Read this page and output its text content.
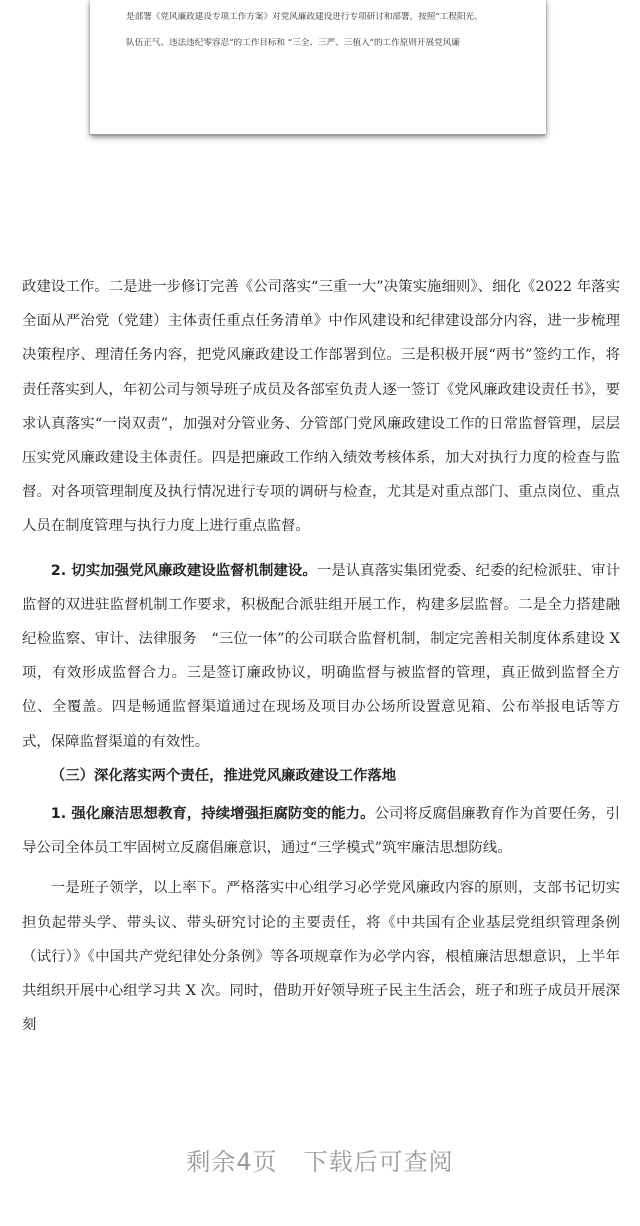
是部署《党风廉政建设专项工作方案》对党风廉政建设进行专项研讨和部署，按照“工程阳光、
队伍正气、违法违纪零容忍”的工作目标和 “三全、三严、三植入”的工作原则开展党风廉

政建设工作。二是进一步修订完善《公司落实“三重一大”决策实施细则》、细化《2022 年落实全面从严治党（党建）主体责任重点任务清单》中作风建设和纪律建设部分内容，进一步梳理决策程序、理清任务内容，把党风廉政建设工作部署到位。三是积极开展“两书”签约工作，将责任落实到人，年初公司与领导班子成员及各部室负责人逐一签订《党风廉政建设责任书》，要求认真落实“一岗双责”，加强对分管业务、分管部门党风廉政建设工作的日常监督管理，层层压实党风廉政建设主体责任。四是把廉政工作纳入绩效考核体系，加大对执行力度的检查与监督。对各项管理制度及执行情况进行专项的调研与检查，尤其是对重点部门、重点岗位、重点人员在制度管理与执行力度上进行重点监督。

2. 切实加强党风廉政建设监督机制建设。一是认真落实集团党委、纪委的纪检派驻、审计监督的双进驻监督机制工作要求，积极配合派驻组开展工作，构建多层监督。二是全力搭建融纪检监察、审计、法律服务　“三位一体”的公司联合监督机制，制定完善相关制度体系建设 X 项，有效形成监督合力。三是签订廉政协议，明确监督与被监督的管理，真正做到监督全方位、全覆盖。四是畅通监督渠道通过在现场及项目办公场所设置意见箱、公布举报电话等方式，保障监督渠道的有效性。

（三）深化落实两个责任，推进党风廉政建设工作落地

1. 强化廉洁思想教育，持续增强拒腐防变的能力。公司将反腐倡廉教育作为首要任务，引导公司全体员工牢固树立反腐倡廉意识，通过“三学模式”筑牢廉洁思想防线。

一是班子领学，以上率下。严格落实中心组学习必学党风廉政内容的原则，支部书记切实担负起带头学、带头议、带头研究讨论的主要责任，将《中共国有企业基层党组织管理条例（试行）》《中国共产党纪律处分条例》等各项规章作为必学内容，根植廉洁思想意识，上半年共组织开展中心组学习共 X 次。同时，借助开好领导班子民主生活会，班子和班子成员开展深刻

剩余4页 下载后可查阅
